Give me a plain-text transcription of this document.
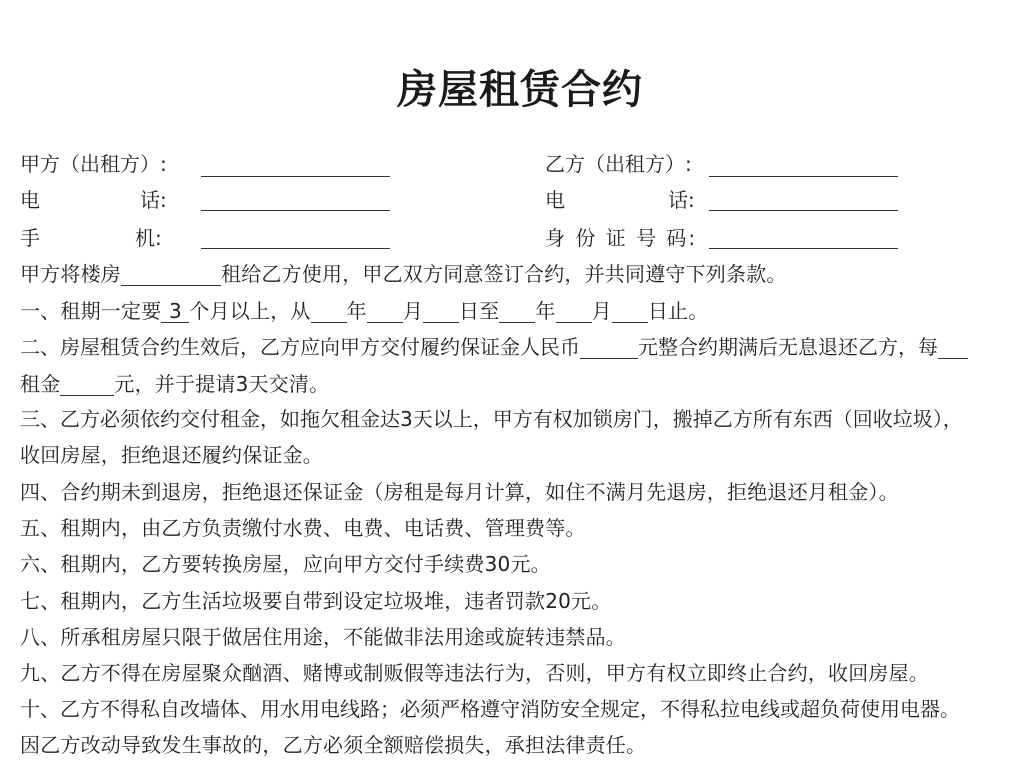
房屋租赁合约
甲方（出租方）:	乙方（出租方）:
电	话:	电	话:
手	机:	身 份 证 号 码:
甲方将楼房	租给乙方使用，甲乙双方同意签订合约，并共同遵守下列条款。
一、租期一定要 3 个月以上，从 年 月 日至 年 月 日止。
二、房屋租赁合约生效后，乙方应向甲方交付履约保证金人民币	元整合约期满后无息退还乙方，每
租金	元，并于提请3天交清。
三、乙方必须依约交付租金，如拖欠租金达3天以上，甲方有权加锁房门，搬掉乙方所有东西（回收垃圾），
收回房屋，拒绝退还履约保证金。
四、合约期未到退房，拒绝退还保证金（房租是每月计算，如住不满月先退房，拒绝退还月租金）。
五、租期内，由乙方负责缴付水费、电费、电话费、管理费等。
六、租期内，乙方要转换房屋，应向甲方交付手续费30元。
七、租期内，乙方生活垃圾要自带到设定垃圾堆，违者罚款20元。
八、所承租房屋只限于做居住用途，不能做非法用途或旋转违禁品。
九、乙方不得在房屋聚众酗酒、赌博或制贩假等违法行为，否则，甲方有权立即终止合约，收回房屋。
十、乙方不得私自改墙体、用水用电线路；必须严格遵守消防安全规定，不得私拉电线或超负荷使用电器。
因乙方改动导致发生事故的，乙方必须全额赔偿损失，承担法律责任。
